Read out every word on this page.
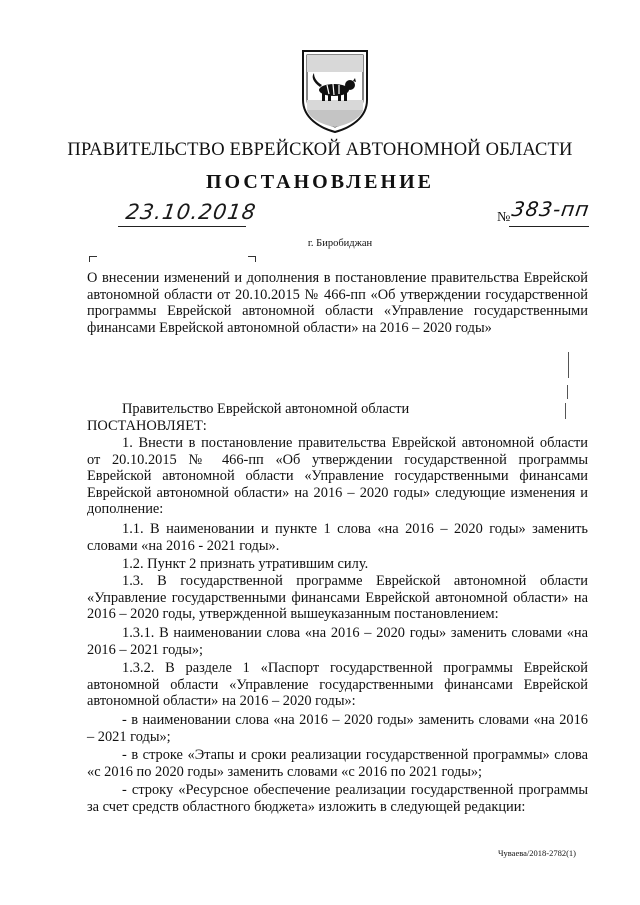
ПРАВИТЕЛЬСТВО ЕВРЕЙСКОЙ АВТОНОМНОЙ ОБЛАСТИ
ПОСТАНОВЛЕНИЕ
23.10.2018	№ 383-пп
г. Биробиджан
О внесении изменений и дополнения в постановление правительства Еврейской автономной области от 20.10.2015 № 466-пп «Об утверждении государственной программы Еврейской автономной области «Управление государственными финансами Еврейской автономной области» на 2016 – 2020 годы»
Правительство Еврейской автономной области
ПОСТАНОВЛЯЕТ:
1. Внести в постановление правительства Еврейской автономной области от 20.10.2015 № 466-пп «Об утверждении государственной программы Еврейской автономной области «Управление государственными финансами Еврейской автономной области» на 2016 – 2020 годы» следующие изменения и дополнение:
1.1. В наименовании и пункте 1 слова «на 2016 – 2020 годы» заменить словами «на 2016 - 2021 годы».
1.2. Пункт 2 признать утратившим силу.
1.3. В государственной программе Еврейской автономной области «Управление государственными финансами Еврейской автономной области» на 2016 – 2020 годы, утвержденной вышеуказанным постановлением:
1.3.1. В наименовании слова «на 2016 – 2020 годы» заменить словами «на 2016 – 2021 годы»;
1.3.2. В разделе 1 «Паспорт государственной программы Еврейской автономной области «Управление государственными финансами Еврейской автономной области» на 2016 – 2020 годы»:
- в наименовании слова «на 2016 – 2020 годы» заменить словами «на 2016 – 2021 годы»;
- в строке «Этапы и сроки реализации государственной программы» слова «с 2016 по 2020 годы» заменить словами «с 2016 по 2021 годы»;
- строку «Ресурсное обеспечение реализации государственной программы за счет средств областного бюджета» изложить в следующей редакции:
Чуваева/2018-2782(1)
